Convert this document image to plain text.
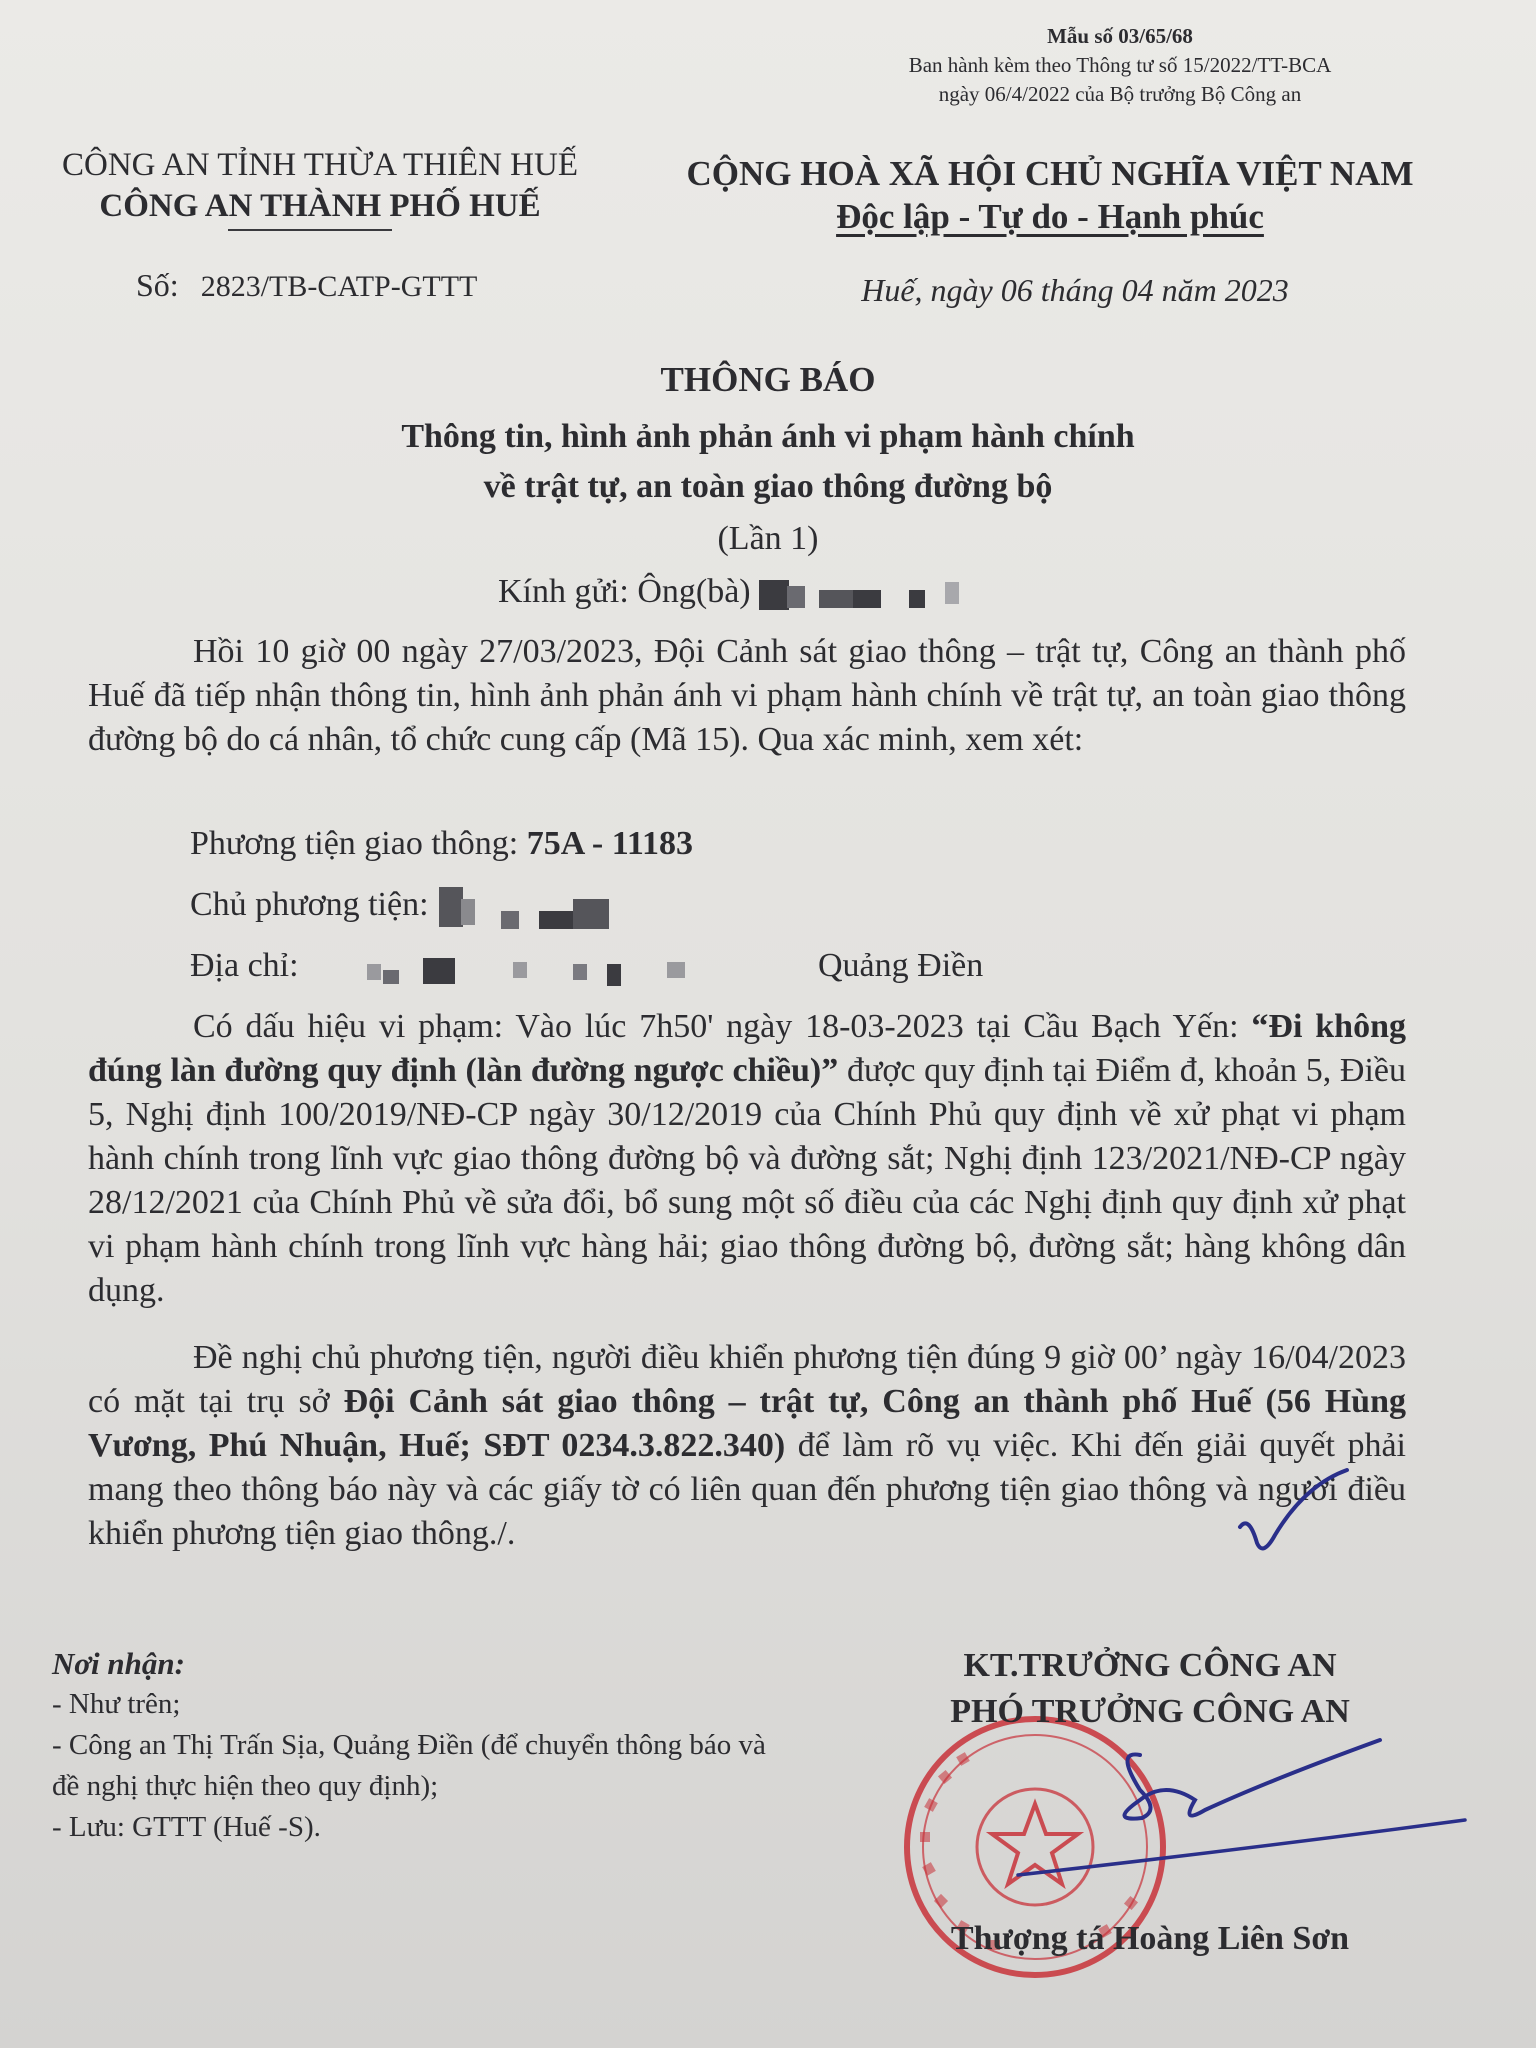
Mẫu số 03/65/68
Ban hành kèm theo Thông tư số 15/2022/TT-BCA
ngày 06/4/2022 của Bộ trưởng Bộ Công an
CÔNG AN TỈNH THỪA THIÊN HUẾ
CÔNG AN THÀNH PHỐ HUẾ
CỘNG HOÀ XÃ HỘI CHỦ NGHĨA VIỆT NAM
Độc lập - Tự do - Hạnh phúc
Số: 2823/TB-CATP-GTTT	Huế, ngày 06 tháng 04 năm 2023
THÔNG BÁO
Thông tin, hình ảnh phản ánh vi phạm hành chính
về trật tự, an toàn giao thông đường bộ
(Lần 1)
Kính gửi: Ông(bà)
Hồi 10 giờ 00 ngày 27/03/2023, Đội Cảnh sát giao thông – trật tự, Công an thành phố Huế đã tiếp nhận thông tin, hình ảnh phản ánh vi phạm hành chính về trật tự, an toàn giao thông đường bộ do cá nhân, tổ chức cung cấp (Mã 15). Qua xác minh, xem xét:
Phương tiện giao thông: 75A - 11183
Chủ phương tiện:
Địa chỉ:	Quảng Điền
Có dấu hiệu vi phạm: Vào lúc 7h50' ngày 18-03-2023 tại Cầu Bạch Yến: “Đi không đúng làn đường quy định (làn đường ngược chiều)” được quy định tại Điểm đ, khoản 5, Điều 5, Nghị định 100/2019/NĐ-CP ngày 30/12/2019 của Chính Phủ quy định về xử phạt vi phạm hành chính trong lĩnh vực giao thông đường bộ và đường sắt; Nghị định 123/2021/NĐ-CP ngày 28/12/2021 của Chính Phủ về sửa đổi, bổ sung một số điều của các Nghị định quy định xử phạt vi phạm hành chính trong lĩnh vực hàng hải; giao thông đường bộ, đường sắt; hàng không dân dụng.
Đề nghị chủ phương tiện, người điều khiển phương tiện đúng 9 giờ 00’ ngày 16/04/2023 có mặt tại trụ sở Đội Cảnh sát giao thông – trật tự, Công an thành phố Huế (56 Hùng Vương, Phú Nhuận, Huế; SĐT 0234.3.822.340) để làm rõ vụ việc. Khi đến giải quyết phải mang theo thông báo này và các giấy tờ có liên quan đến phương tiện giao thông và người điều khiển phương tiện giao thông./.
Nơi nhận:
- Như trên;
- Công an Thị Trấn Sịa, Quảng Điền (để chuyển thông báo và đề nghị thực hiện theo quy định);
- Lưu: GTTT (Huế -S).
KT.TRƯỞNG CÔNG AN
PHÓ TRƯỞNG CÔNG AN
Thượng tá Hoàng Liên Sơn
